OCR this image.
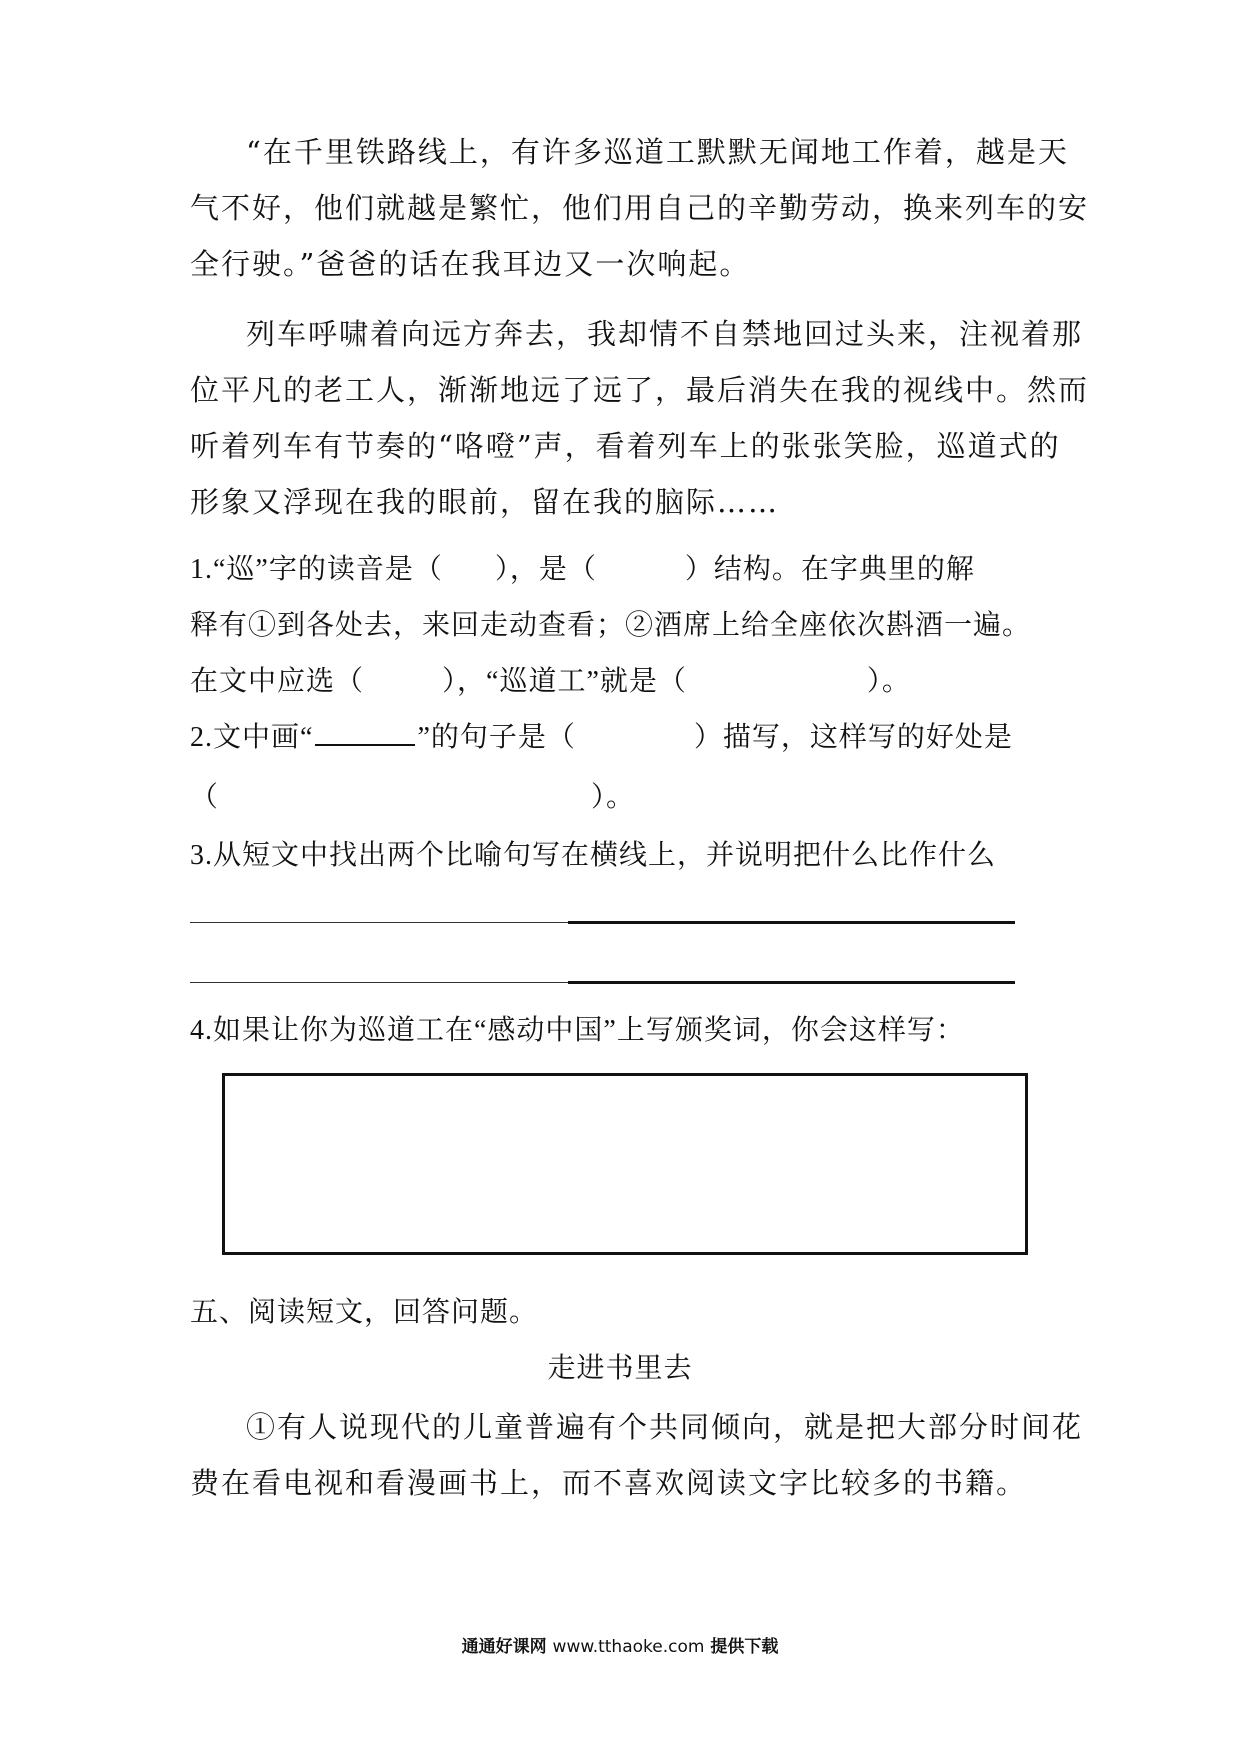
“在千里铁路线上，有许多巡道工默默无闻地工作着，越是天
气不好，他们就越是繁忙，他们用自己的辛勤劳动，换来列车的安
全行驶。”爸爸的话在我耳边又一次响起。
列车呼啸着向远方奔去，我却情不自禁地回过头来，注视着那
位平凡的老工人，渐渐地远了远了，最后消失在我的视线中。然而
听着列车有节奏的“咯噔”声，看着列车上的张张笑脸，巡道式的
形象又浮现在我的眼前，留在我的脑际……
1.“巡”字的读音是（ ），是（	）结构。在字典里的解
释有①到各处去，来回走动查看；②酒席上给全座依次斟酒一遍。
在文中应选（	），“巡道工”就是（	）。
2.文中画“	”的句子是（	）描写，这样写的好处是
（	）。
3.从短文中找出两个比喻句写在横线上，并说明把什么比作什么
4.如果让你为巡道工在“感动中国”上写颁奖词，你会这样写：
五、阅读短文，回答问题。
走进书里去
①有人说现代的儿童普遍有个共同倾向，就是把大部分时间花
费在看电视和看漫画书上，而不喜欢阅读文字比较多的书籍。
通通好课网 www.tthaoke.com 提供下载
